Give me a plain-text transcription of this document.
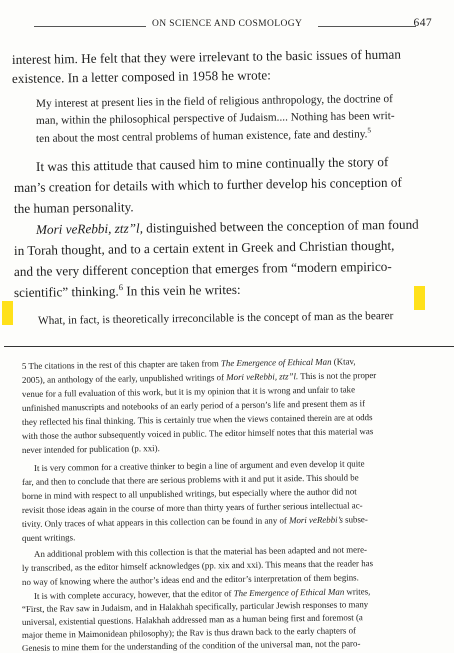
ON SCIENCE AND COSMOLOGY	647
interest him. He felt that they were irrelevant to the basic issues of human
existence. In a letter composed in 1958 he wrote:
My interest at present lies in the field of religious anthropology, the doctrine of
man, within the philosophical perspective of Judaism.... Nothing has been writ-
ten about the most central problems of human existence, fate and destiny.$^5$
It was this attitude that caused him to mine continually the story of
man’s creation for details with which to further develop his conception of
the human personality.
Mori veRebbi, ztz”l, distinguished between the conception of man found
in Torah thought, and to a certain extent in Greek and Christian thought,
and the very different conception that emerges from “modern empirico-
scientific” thinking.$^6$ In this vein he writes:
What, in fact, is theoretically irreconcilable is the concept of man as the bearer
5 The citations in the rest of this chapter are taken from The Emergence of Ethical Man (Ktav,
2005), an anthology of the early, unpublished writings of Mori veRebbi, ztz”l. This is not the proper
venue for a full evaluation of this work, but it is my opinion that it is wrong and unfair to take
unfinished manuscripts and notebooks of an early period of a person’s life and present them as if
they reflected his final thinking. This is certainly true when the views contained therein are at odds
with those the author subsequently voiced in public. The editor himself notes that this material was
never intended for publication (p. xxi).
It is very common for a creative thinker to begin a line of argument and even develop it quite
far, and then to conclude that there are serious problems with it and put it aside. This should be
borne in mind with respect to all unpublished writings, but especially where the author did not
revisit those ideas again in the course of more than thirty years of further serious intellectual ac-
tivity. Only traces of what appears in this collection can be found in any of Mori veRebbi’s subse-
quent writings.
An additional problem with this collection is that the material has been adapted and not mere-
ly transcribed, as the editor himself acknowledges (pp. xix and xxi). This means that the reader has
no way of knowing where the author’s ideas end and the editor’s interpretation of them begins.
It is with complete accuracy, however, that the editor of The Emergence of Ethical Man writes,
“First, the Rav saw in Judaism, and in Halakhah specifically, particular Jewish responses to many
universal, existential questions. Halakhah addressed man as a human being first and foremost (a
major theme in Maimonidean philosophy); the Rav is thus drawn back to the early chapters of
Genesis to mine them for the understanding of the condition of the universal man, not the paro-
